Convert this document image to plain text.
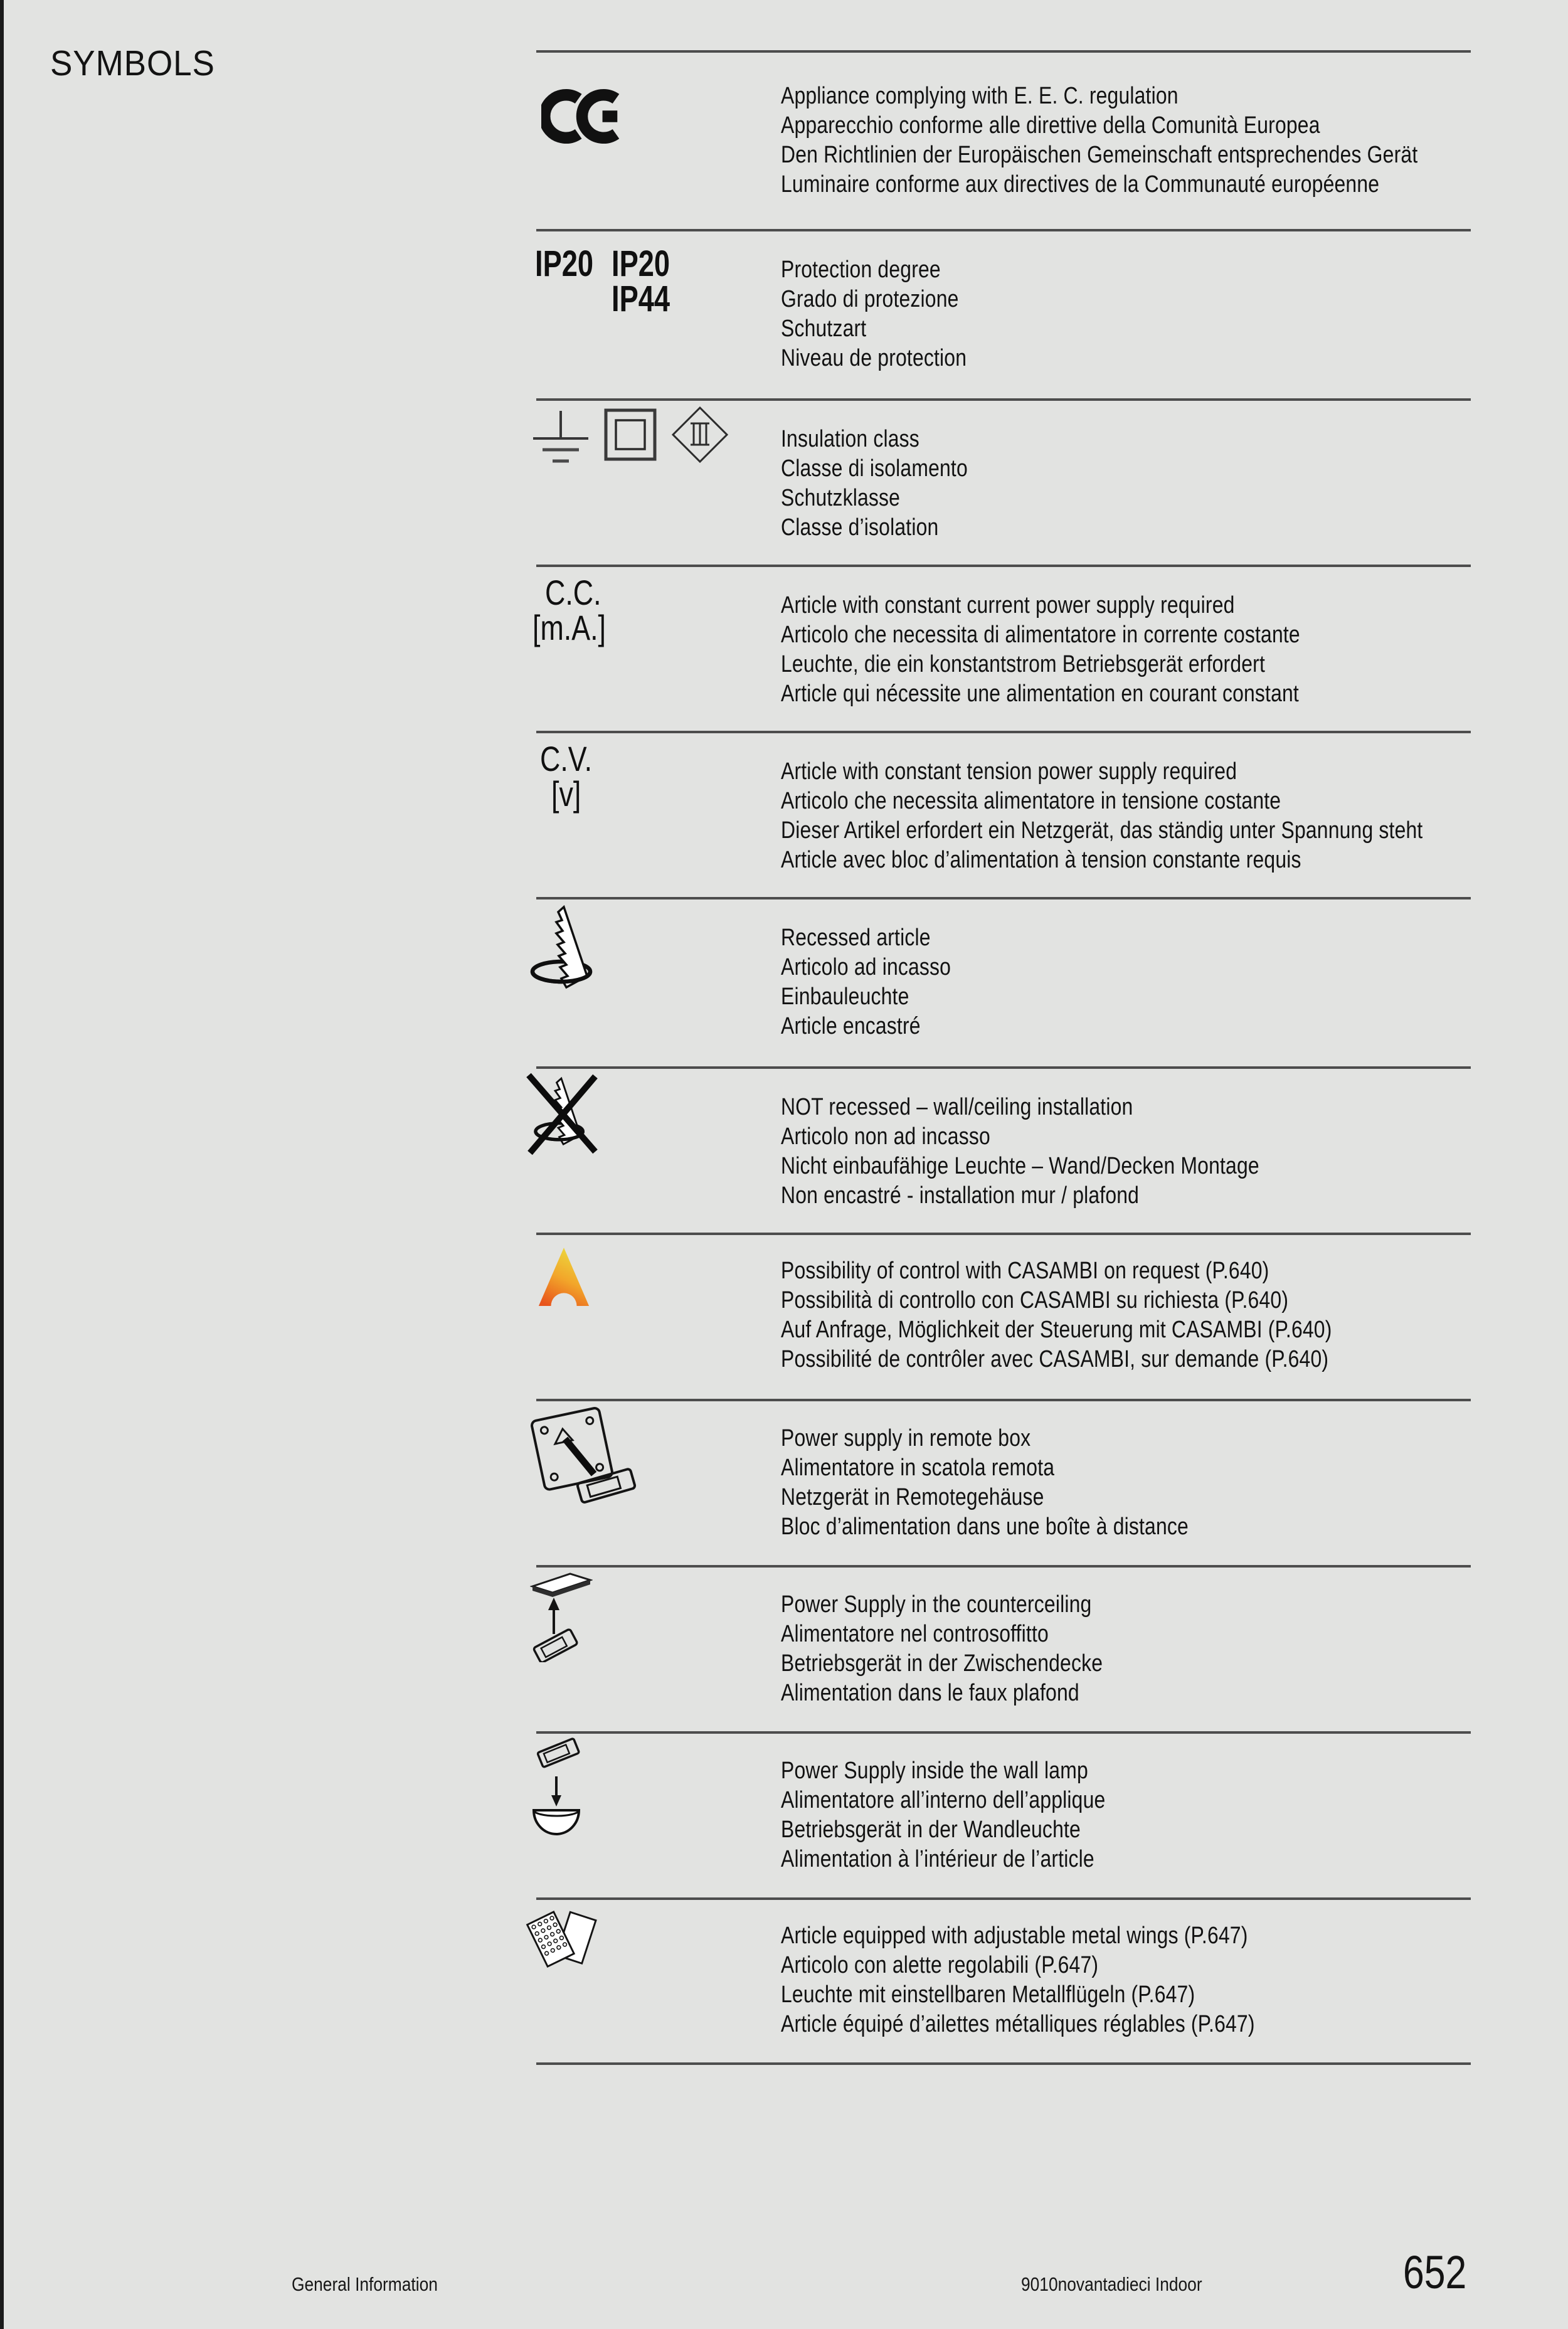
SYMBOLS
Appliance complying with E. E. C. regulation
Apparecchio conforme alle direttive della Comunità Europea
Den Richtlinien der Europäischen Gemeinschaft entsprechendes Gerät
Luminaire conforme aux directives de la Communauté européenne
IP20 IP20
IP44
Protection degree
Grado di protezione
Schutzart
Niveau de protection
Insulation class
Classe di isolamento
Schutzklasse
Classe d’isolation
C.C.
[m.A.]
Article with constant current power supply required
Articolo che necessita di alimentatore in corrente costante
Leuchte, die ein konstantstrom Betriebsgerät erfordert
Article qui nécessite une alimentation en courant constant
C.V.
[v]
Article with constant tension power supply required
Articolo che necessita alimentatore in tensione costante
Dieser Artikel erfordert ein Netzgerät, das ständig unter Spannung steht
Article avec bloc d’alimentation à tension constante requis
Recessed article
Articolo ad incasso
Einbauleuchte
Article encastré
NOT recessed – wall/ceiling installation
Articolo non ad incasso
Nicht einbaufähige Leuchte – Wand/Decken Montage
Non encastré - installation mur / plafond
Possibility of control with CASAMBI on request (P.640)
Possibilità di controllo con CASAMBI su richiesta (P.640)
Auf Anfrage, Möglichkeit der Steuerung mit CASAMBI (P.640)
Possibilité de contrôler avec CASAMBI, sur demande (P.640)
Power supply in remote box
Alimentatore in scatola remota
Netzgerät in Remotegehäuse
Bloc d’alimentation dans une boîte à distance
Power Supply in the counterceiling
Alimentatore nel controsoffitto
Betriebsgerät in der Zwischendecke
Alimentation dans le faux plafond
Power Supply inside the wall lamp
Alimentatore all’interno dell’applique
Betriebsgerät in der Wandleuchte
Alimentation à l’intérieur de l’article
Article equipped with adjustable metal wings (P.647)
Articolo con alette regolabili (P.647)
Leuchte mit einstellbaren Metallflügeln (P.647)
Article équipé d’ailettes métalliques réglables (P.647)
General Information	9010novantadieci Indoor	652
